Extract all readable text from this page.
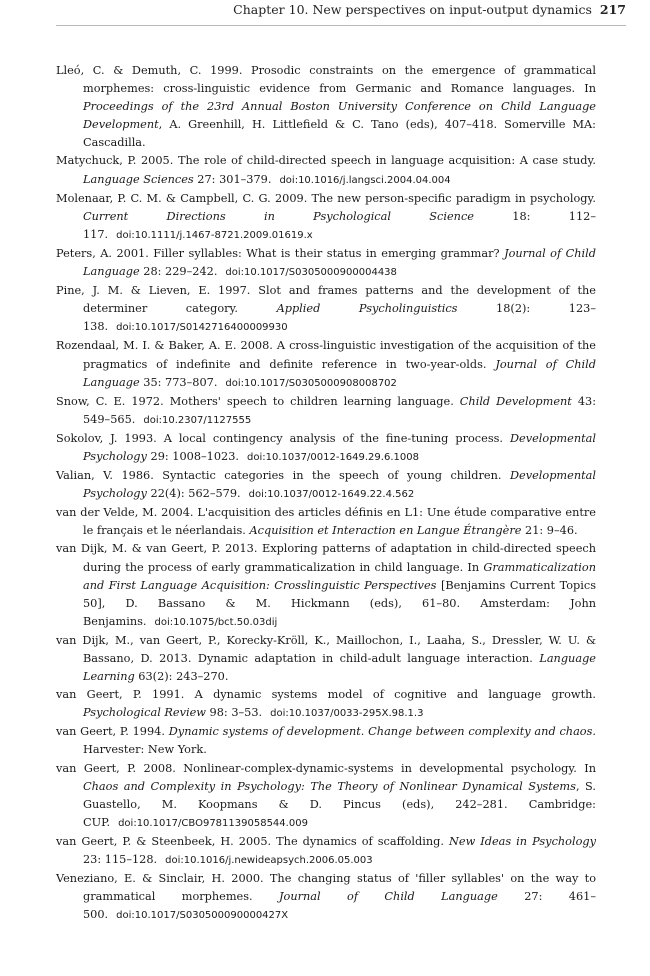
Chapter 10. New perspectives on input-output dynamics 217

Lleó, C. & Demuth, C. 1999. Prosodic constraints on the emergence of grammatical morphemes: cross-linguistic evidence from Germanic and Romance languages. In Proceedings of the 23rd Annual Boston University Conference on Child Language Development, A. Greenhill, H. Littlefield & C. Tano (eds), 407–418. Somerville MA: Cascadilla.

Matychuck, P. 2005. The role of child-directed speech in language acquisition: A case study. Language Sciences 27: 301–379. doi:10.1016/j.langsci.2004.04.004

Molenaar, P. C. M. & Campbell, C. G. 2009. The new person-specific paradigm in psychology. Current Directions in Psychological Science 18: 112–117. doi:10.1111/j.1467-8721.2009.01619.x

Peters, A. 2001. Filler syllables: What is their status in emerging grammar? Journal of Child Language 28: 229–242. doi:10.1017/S0305000900004438

Pine, J. M. & Lieven, E. 1997. Slot and frames patterns and the development of the determiner category. Applied Psycholinguistics 18(2): 123–138. doi:10.1017/S0142716400009930

Rozendaal, M. I. & Baker, A. E. 2008. A cross-linguistic investigation of the acquisition of the pragmatics of indefinite and definite reference in two-year-olds. Journal of Child Language 35: 773–807. doi:10.1017/S0305000908008702

Snow, C. E. 1972. Mothers' speech to children learning language. Child Development 43: 549–565. doi:10.2307/1127555

Sokolov, J. 1993. A local contingency analysis of the fine-tuning process. Developmental Psychology 29: 1008–1023. doi:10.1037/0012-1649.29.6.1008

Valian, V. 1986. Syntactic categories in the speech of young children. Developmental Psychology 22(4): 562–579. doi:10.1037/0012-1649.22.4.562

van der Velde, M. 2004. L'acquisition des articles définis en L1: Une étude comparative entre le français et le néerlandais. Acquisition et Interaction en Langue Étrangère 21: 9–46.

van Dijk, M. & van Geert, P. 2013. Exploring patterns of adaptation in child-directed speech during the process of early grammaticalization in child language. In Grammaticalization and First Language Acquisition: Crosslinguistic Perspectives [Benjamins Current Topics 50], D. Bassano & M. Hickmann (eds), 61–80. Amsterdam: John Benjamins. doi:10.1075/bct.50.03dij

van Dijk, M., van Geert, P., Korecky-Kröll, K., Maillochon, I., Laaha, S., Dressler, W. U. & Bassano, D. 2013. Dynamic adaptation in child-adult language interaction. Language Learning 63(2): 243–270.

van Geert, P. 1991. A dynamic systems model of cognitive and language growth. Psychological Review 98: 3–53. doi:10.1037/0033-295X.98.1.3

van Geert, P. 1994. Dynamic systems of development. Change between complexity and chaos. Harvester: New York.

van Geert, P. 2008. Nonlinear-complex-dynamic-systems in developmental psychology. In Chaos and Complexity in Psychology: The Theory of Nonlinear Dynamical Systems, S. Guastello, M. Koopmans & D. Pincus (eds), 242–281. Cambridge: CUP. doi:10.1017/CBO9781139058544.009

van Geert, P. & Steenbeek, H. 2005. The dynamics of scaffolding. New Ideas in Psychology 23: 115–128. doi:10.1016/j.newideapsych.2006.05.003

Veneziano, E. & Sinclair, H. 2000. The changing status of 'filler syllables' on the way to grammatical morphemes. Journal of Child Language 27: 461–500. doi:10.1017/S030500090000427X
